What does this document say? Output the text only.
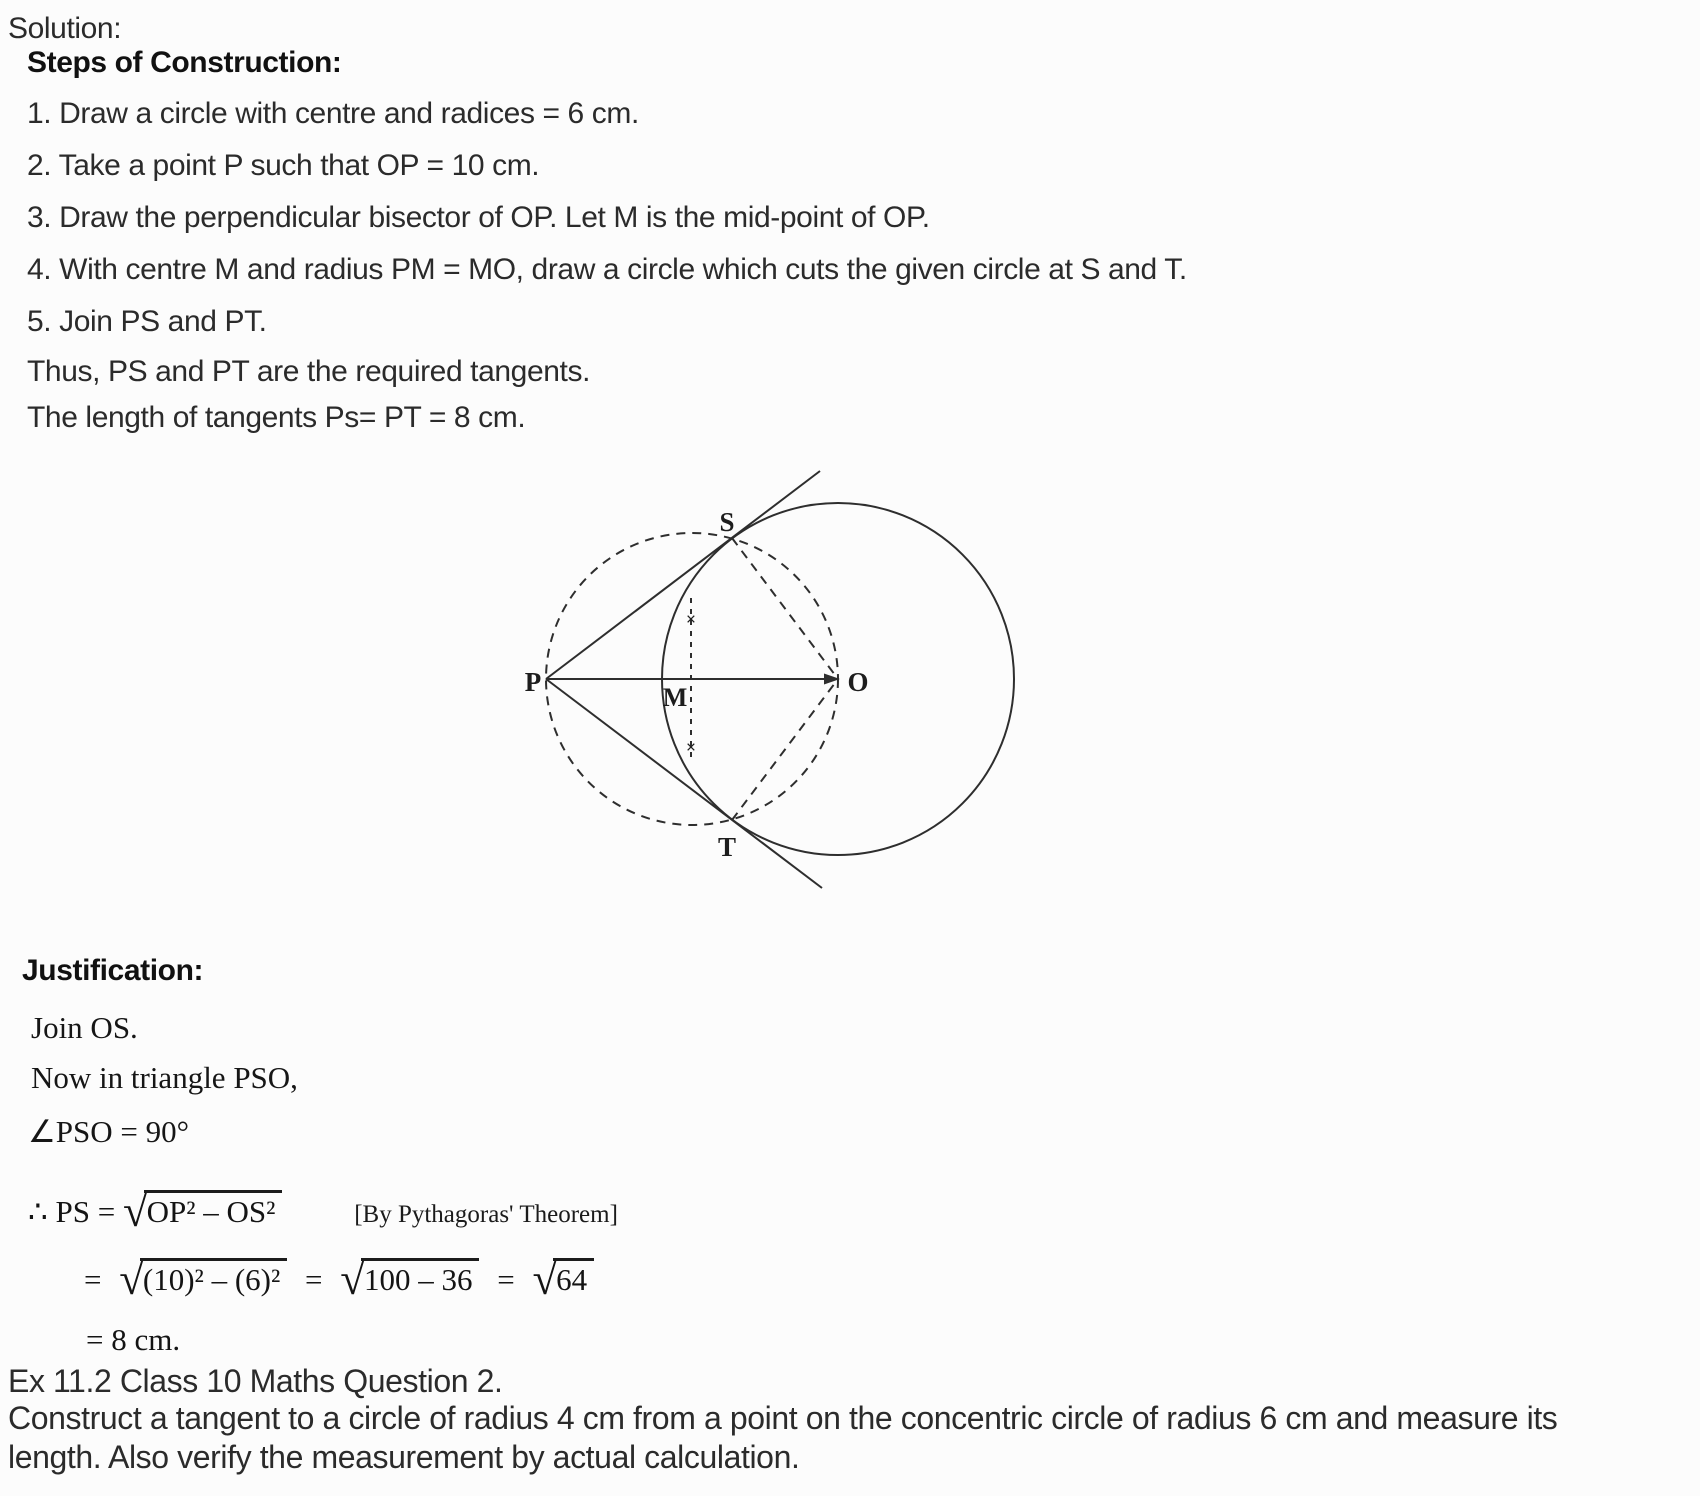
Solution:
Steps of Construction:
1. Draw a circle with centre and radices = 6 cm.
2. Take a point P such that OP = 10 cm.
3. Draw the perpendicular bisector of OP. Let M is the mid-point of OP.
4. With centre M and radius PM = MO, draw a circle which cuts the given circle at S and T.
5. Join PS and PT.
Thus, PS and PT are the required tangents.
The length of tangents Ps= PT = 8 cm.
×
×
P	O
M
S
T
Justification:
Join OS.
Now in triangle PSO,
∠PSO = 90°
∴ PS = √OP² – OS²	[By Pythagoras' Theorem]
= √(10)² – (6)² = √100 – 36 = √64
= 8 cm.
Ex 11.2 Class 10 Maths Question 2.
Construct a tangent to a circle of radius 4 cm from a point on the concentric circle of radius 6 cm and measure its
length. Also verify the measurement by actual calculation.
